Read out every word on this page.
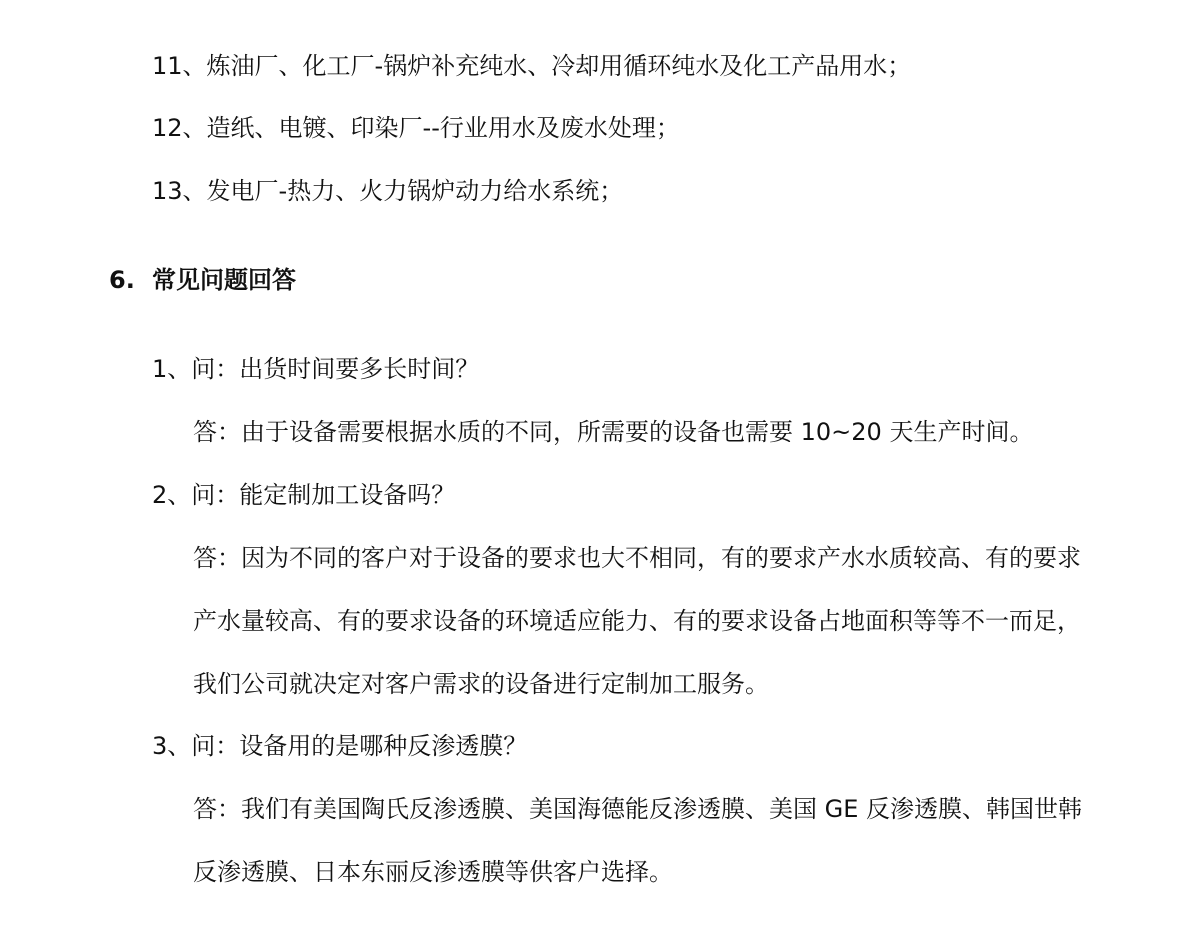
11、炼油厂、化工厂-锅炉补充纯水、冷却用循环纯水及化工产品用水；
12、造纸、电镀、印染厂--行业用水及废水处理；
13、发电厂-热力、火力锅炉动力给水系统；
6. 常见问题回答
1、问：出货时间要多长时间？
答：由于设备需要根据水质的不同，所需要的设备也需要 10~20 天生产时间。
2、问：能定制加工设备吗？
答：因为不同的客户对于设备的要求也大不相同，有的要求产水水质较高、有的要求
产水量较高、有的要求设备的环境适应能力、有的要求设备占地面积等等不一而足，
我们公司就决定对客户需求的设备进行定制加工服务。
3、问：设备用的是哪种反渗透膜？
答：我们有美国陶氏反渗透膜、美国海德能反渗透膜、美国 GE 反渗透膜、韩国世韩
反渗透膜、日本东丽反渗透膜等供客户选择。
